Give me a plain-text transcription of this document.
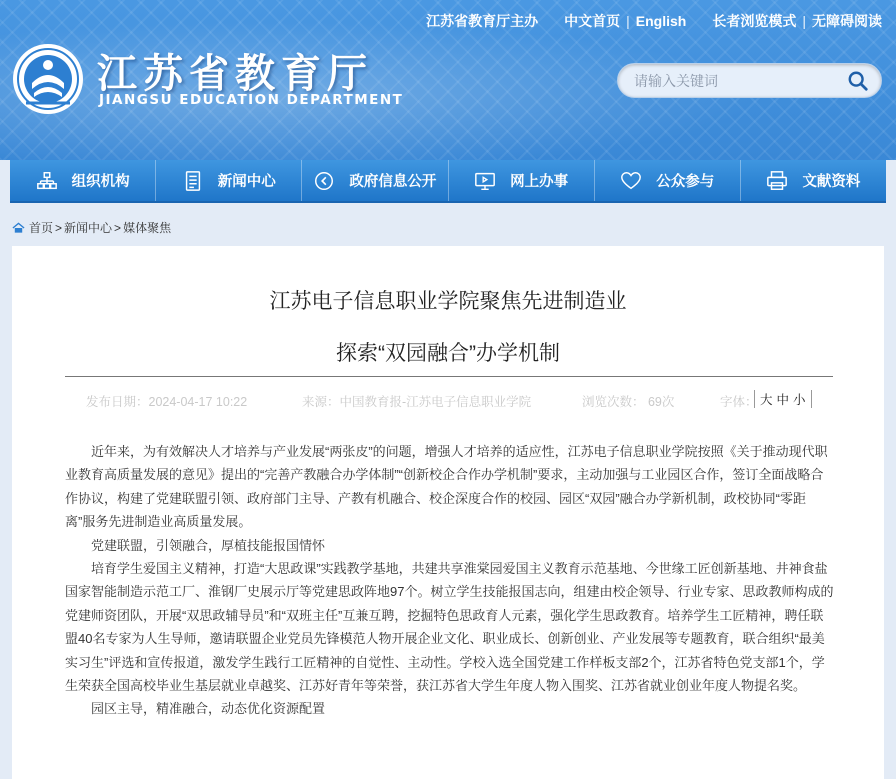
江苏省教育厅主办 中文首页 | English 长者浏览模式 | 无障碍阅读
江苏省教育厅
JIANGSU EDUCATION DEPARTMENT
请输入关键词
组织机构	新闻中心	政府信息公开	网上办事	公众参与	文献资料
首页 > 新闻中心 > 媒体聚焦
江苏电子信息职业学院聚焦先进制造业
探索“双园融合”办学机制
发布日期：2024-04-17 10:22	来源：中国教育报-江苏电子信息职业学院	浏览次数： 69次	字体： 大 中 小

近年来，为有效解决人才培养与产业发展“两张皮”的问题，增强人才培养的适应性，江苏电子信息职业学院按照《关于推动现代职业教育高质量发展的意见》提出的“完善产教融合办学体制”“创新校企合作办学机制”要求，主动加强与工业园区合作，签订全面战略合作协议，构建了党建联盟引领、政府部门主导、产教有机融合、校企深度合作的校园、园区“双园”融合办学新机制，政校协同“零距离”服务先进制造业高质量发展。

党建联盟，引领融合，厚植技能报国情怀

培育学生爱国主义精神，打造“大思政课”实践教学基地，共建共享淮棠园爱国主义教育示范基地、今世缘工匠创新基地、井神食盐国家智能制造示范工厂、淮钢厂史展示厅等党建思政阵地97个。树立学生技能报国志向，组建由校企领导、行业专家、思政教师构成的党建师资团队，开展“双思政辅导员”和“双班主任”互兼互聘，挖掘特色思政育人元素，强化学生思政教育。培养学生工匠精神，聘任联盟40名专家为人生导师，邀请联盟企业党员先锋模范人物开展企业文化、职业成长、创新创业、产业发展等专题教育，联合组织“最美实习生”评选和宣传报道，激发学生践行工匠精神的自觉性、主动性。学校入选全国党建工作样板支部2个，江苏省特色党支部1个，学生荣获全国高校毕业生基层就业卓越奖、江苏好青年等荣誉，获江苏省大学生年度人物入围奖、江苏省就业创业年度人物提名奖。

园区主导，精准融合，动态优化资源配置
